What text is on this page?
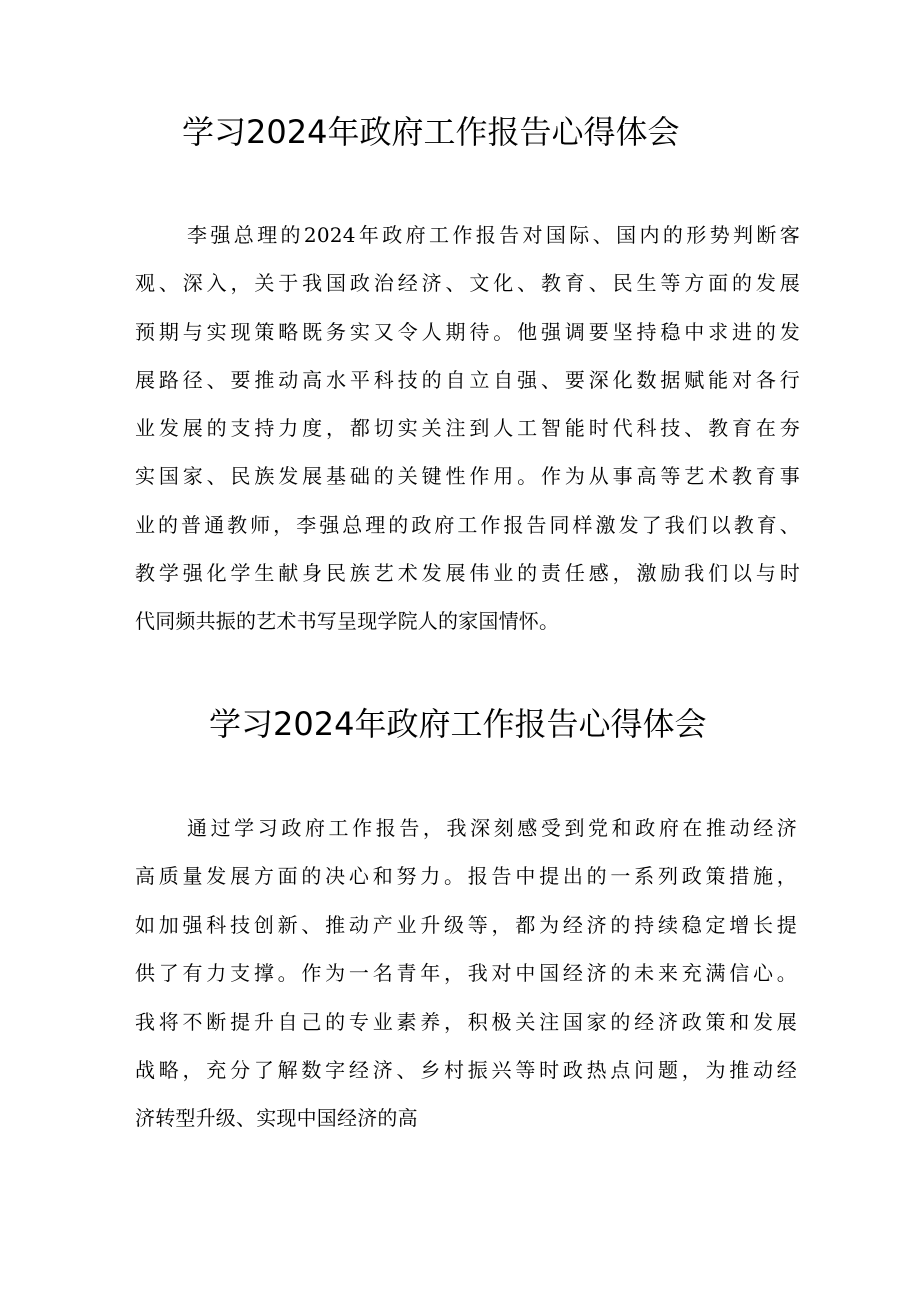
学习2024年政府工作报告心得体会
李强总理的2024年政府工作报告对国际、国内的形势判断客
观、深入，关于我国政治经济、文化、教育、民生等方面的发展
预期与实现策略既务实又令人期待。他强调要坚持稳中求进的发
展路径、要推动高水平科技的自立自强、要深化数据赋能对各行
业发展的支持力度，都切实关注到人工智能时代科技、教育在夯
实国家、民族发展基础的关键性作用。作为从事高等艺术教育事
业的普通教师，李强总理的政府工作报告同样激发了我们以教育、
教学强化学生献身民族艺术发展伟业的责任感，激励我们以与时
代同频共振的艺术书写呈现学院人的家国情怀。
学习2024年政府工作报告心得体会
通过学习政府工作报告，我深刻感受到党和政府在推动经济
高质量发展方面的决心和努力。报告中提出的一系列政策措施，
如加强科技创新、推动产业升级等，都为经济的持续稳定增长提
供了有力支撑。作为一名青年，我对中国经济的未来充满信心。
我将不断提升自己的专业素养，积极关注国家的经济政策和发展
战略，充分了解数字经济、乡村振兴等时政热点问题，为推动经
济转型升级、实现中国经济的高
